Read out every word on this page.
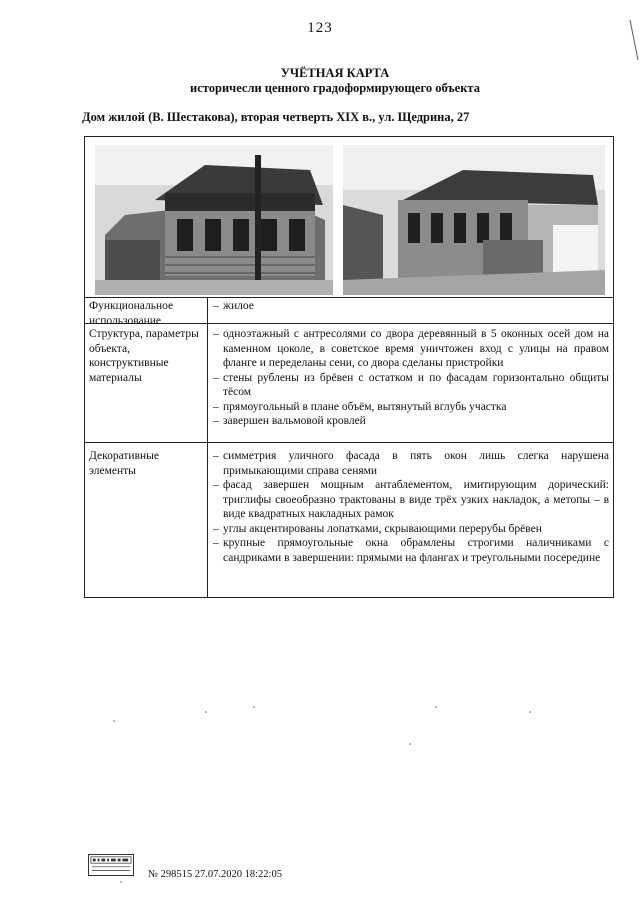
123
УЧЁТНАЯ КАРТА
историчесли ценного градоформирующего объекта
Дом жилой (В. Шестакова), вторая четверть XIX в., ул. Щедрина, 27
Функциональное использование
– жилое
Структура, параметры объекта, конструктивные материалы
– одноэтажный с антресолями со двора деревянный в 5 оконных осей дом на каменном цоколе, в советское время уничтожен вход с улицы на правом фланге и переделаны сени, со двора сделаны пристройки
– стены рублены из брёвен с остатком и по фасадам горизонтально общиты тёсом
– прямоугольный в плане объём, вытянутый вглубь участка
– завершен вальмовой кровлей
Декоративные элементы
– симметрия уличного фасада в пять окон лишь слегка нарушена примыкающими справа сенями
– фасад завершен мощным антаблементом, имитирующим дорический: триглифы своеобразно трактованы в виде трёх узких накладок, а метопы – в виде квадратных накладных рамок
– углы акцентированы лопатками, скрывающими перерубы брёвен
– крупные прямоугольные окна обрамлены строгими наличниками с сандриками в завершении: прямыми на флангах и треугольными посередине
№ 298515 27.07.2020 18:22:05
